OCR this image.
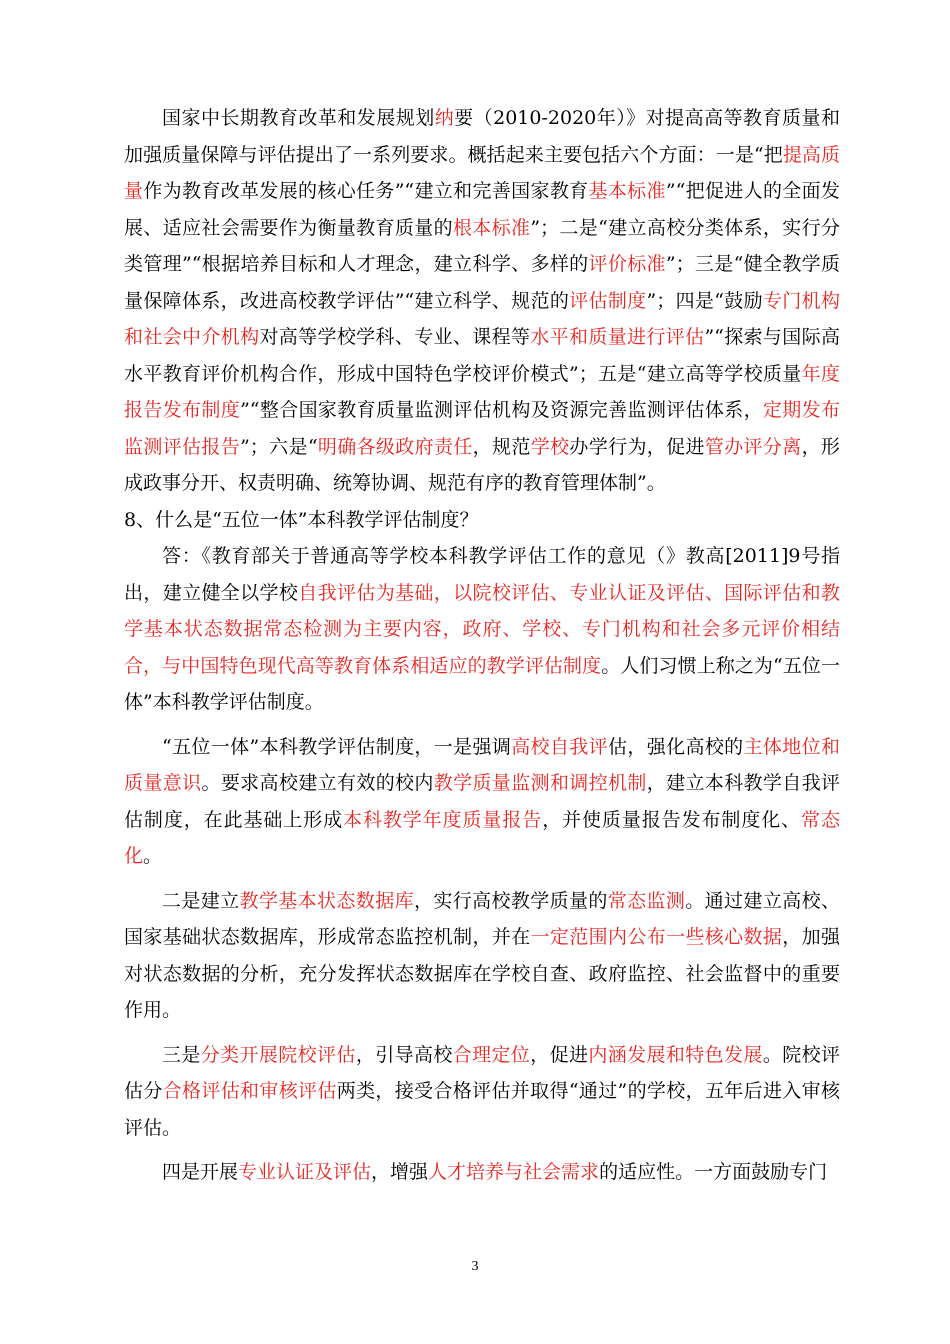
国家中长期教育改革和发展规划纳要（2010-2020年）》对提高高等教育质量和加强质量保障与评估提出了一系列要求。概括起来主要包括六个方面：一是“把提高质量作为教育改革发展的核心任务”“建立和完善国家教育基本标准”“把促进人的全面发展、适应社会需要作为衡量教育质量的根本标准”；二是“建立高校分类体系，实行分类管理”“根据培养目标和人才理念，建立科学、多样的评价标准”；三是“健全教学质量保障体系，改进高校教学评估”“建立科学、规范的评估制度”；四是“鼓励专门机构和社会中介机构对高等学校学科、专业、课程等水平和质量进行评估”“探索与国际高水平教育评价机构合作，形成中国特色学校评价模式”；五是“建立高等学校质量年度报告发布制度”“整合国家教育质量监测评估机构及资源完善监测评估体系，定期发布监测评估报告”；六是“明确各级政府责任，规范学校办学行为，促进管办评分离，形成政事分开、权责明确、统筹协调、规范有序的教育管理体制”。

8、什么是“五位一体”本科教学评估制度？

答：《教育部关于普通高等学校本科教学评估工作的意见（》教高[2011]9号指出，建立健全以学校自我评估为基础，以院校评估、专业认证及评估、国际评估和教学基本状态数据常态检测为主要内容，政府、学校、专门机构和社会多元评价相结合，与中国特色现代高等教育体系相适应的教学评估制度。人们习惯上称之为“五位一体”本科教学评估制度。

“五位一体”本科教学评估制度，一是强调高校自我评估，强化高校的主体地位和质量意识。要求高校建立有效的校内教学质量监测和调控机制，建立本科教学自我评估制度，在此基础上形成本科教学年度质量报告，并使质量报告发布制度化、常态化。

二是建立教学基本状态数据库，实行高校教学质量的常态监测。通过建立高校、国家基础状态数据库，形成常态监控机制，并在一定范围内公布一些核心数据，加强对状态数据的分析，充分发挥状态数据库在学校自查、政府监控、社会监督中的重要作用。

三是分类开展院校评估，引导高校合理定位，促进内涵发展和特色发展。院校评估分合格评估和审核评估两类，接受合格评估并取得“通过”的学校，五年后进入审核评估。

四是开展专业认证及评估，增强人才培养与社会需求的适应性。一方面鼓励专门

3
